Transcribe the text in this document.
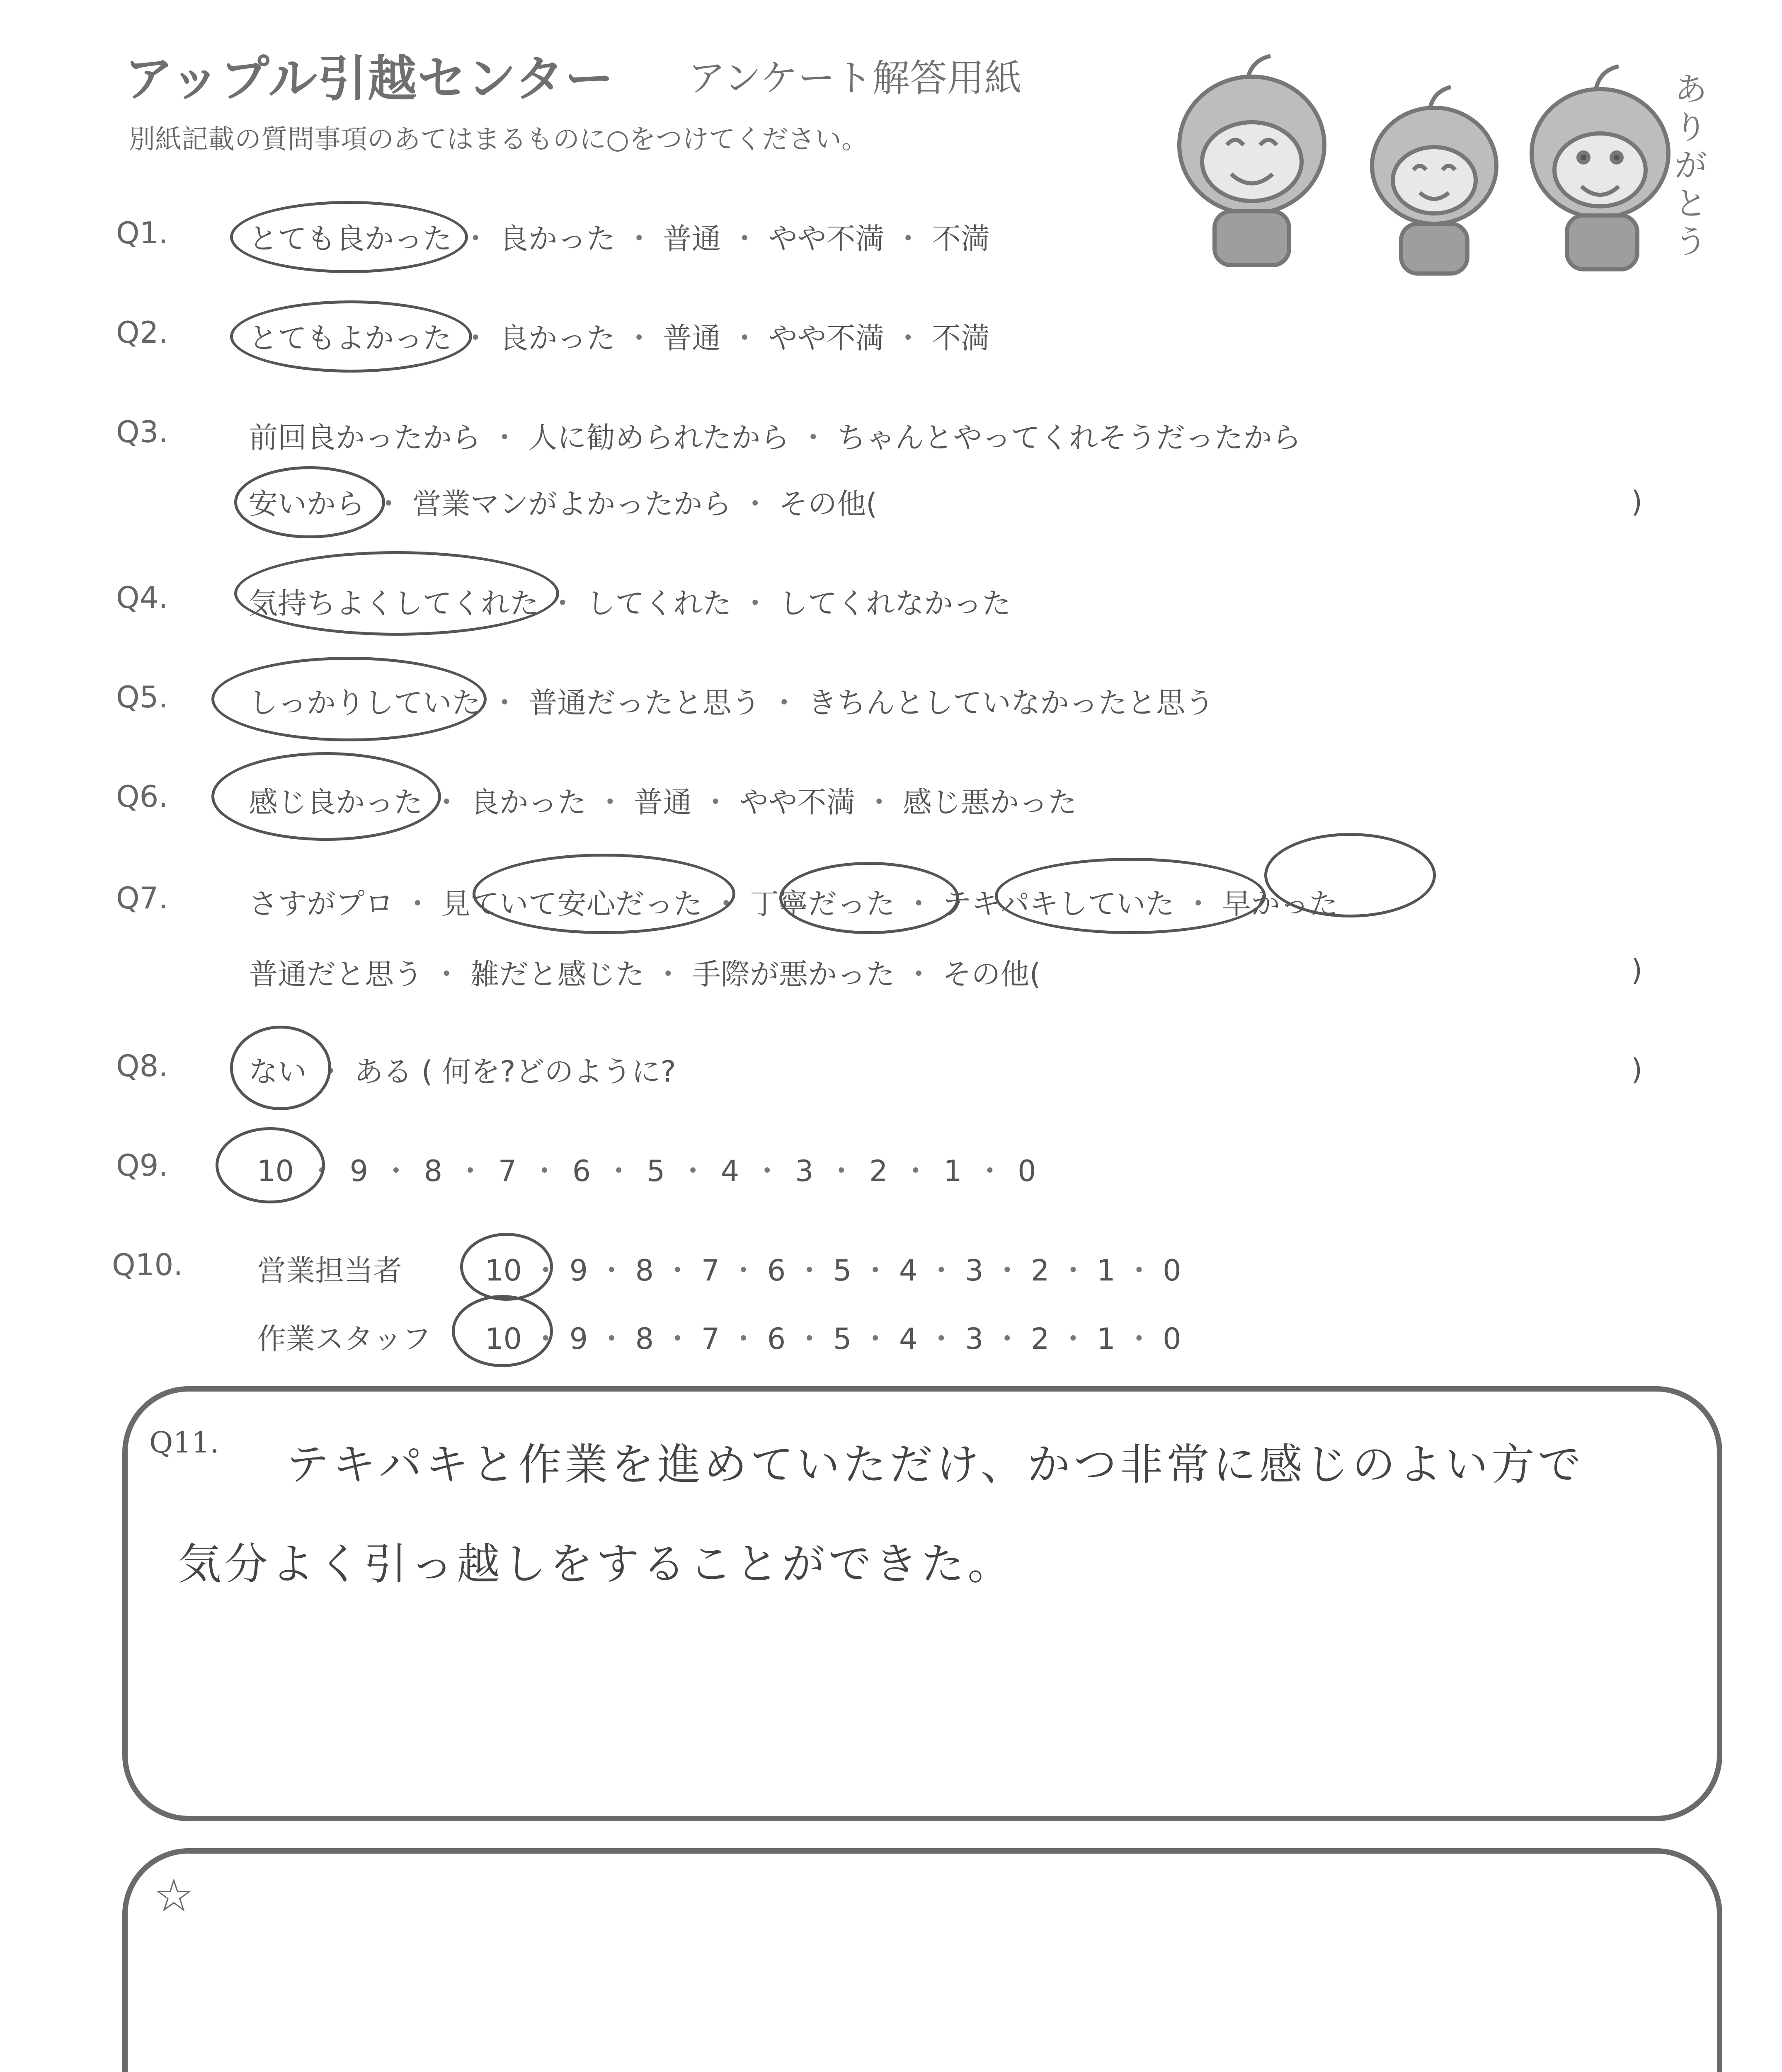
アップル引越センター アンケート解答用紙
別紙記載の質問事項のあてはまるものに○をつけてください。
ありがとう
Q1.	とても良かった ・ 良かった ・ 普通 ・ やや不満 ・ 不満
Q2.	とてもよかった ・ 良かった ・ 普通 ・ やや不満 ・ 不満
Q3.	前回良かったから ・ 人に勧められたから ・ ちゃんとやってくれそうだったから
安いから ・ 営業マンがよかったから ・ その他(	)
Q4.	気持ちよくしてくれた ・ してくれた ・ してくれなかった
Q5.	しっかりしていた ・ 普通だったと思う ・ きちんとしていなかったと思う
Q6.	感じ良かった ・ 良かった ・ 普通 ・ やや不満 ・ 感じ悪かった
Q7.	さすがプロ ・ 見ていて安心だった ・ 丁寧だった ・ テキパキしていた ・ 早かった
普通だと思う ・ 雑だと感じた ・ 手際が悪かった ・ その他(	)
Q8.	ない ・ ある ( 何を?どのように?	)
Q9.	10 ・ 9 ・ 8 ・ 7 ・ 6 ・ 5 ・ 4 ・ 3 ・ 2 ・ 1 ・ 0
Q10.	営業担当者	10 ・ 9 ・ 8 ・ 7 ・ 6 ・ 5 ・ 4 ・ 3 ・ 2 ・ 1 ・ 0
作業スタッフ 10 ・ 9 ・ 8 ・ 7 ・ 6 ・ 5 ・ 4 ・ 3 ・ 2 ・ 1 ・ 0
Q11. テキパキと作業を進めていただけ、かつ非常に感じのよい方で
気分よく引っ越しをすることができた。
☆
